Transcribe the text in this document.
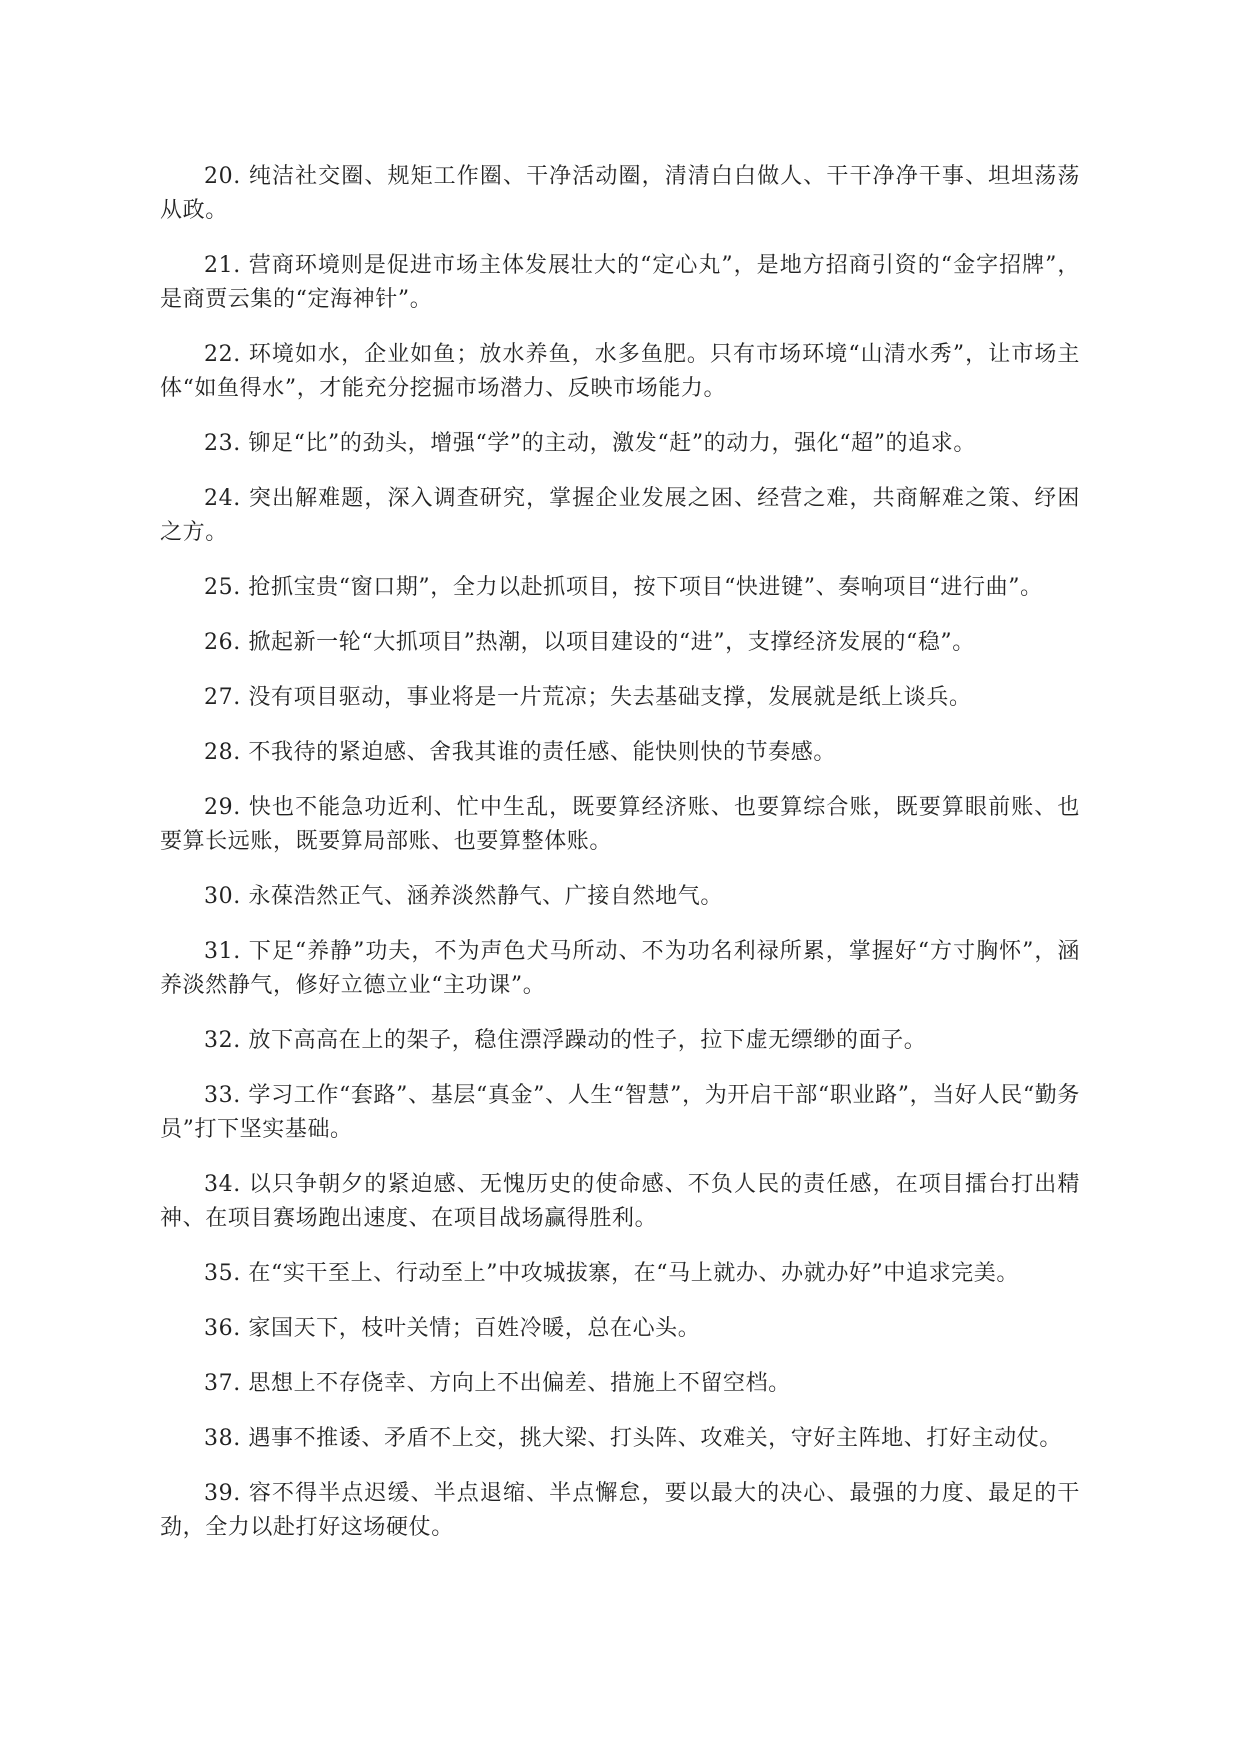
20. 纯洁社交圈、规矩工作圈、干净活动圈，清清白白做人、干干净净干事、坦坦荡荡从政。

21. 营商环境则是促进市场主体发展壮大的“定心丸”，是地方招商引资的“金字招牌”，是商贾云集的“定海神针”。

22. 环境如水，企业如鱼；放水养鱼，水多鱼肥。只有市场环境“山清水秀”，让市场主体“如鱼得水”，才能充分挖掘市场潜力、反映市场能力。

23. 铆足“比”的劲头，增强“学”的主动，激发“赶”的动力，强化“超”的追求。

24. 突出解难题，深入调查研究，掌握企业发展之困、经营之难，共商解难之策、纾困之方。

25. 抢抓宝贵“窗口期”，全力以赴抓项目，按下项目“快进键”、奏响项目“进行曲”。

26. 掀起新一轮“大抓项目”热潮，以项目建设的“进”，支撑经济发展的“稳”。

27. 没有项目驱动，事业将是一片荒凉；失去基础支撑，发展就是纸上谈兵。

28. 不我待的紧迫感、舍我其谁的责任感、能快则快的节奏感。

29. 快也不能急功近利、忙中生乱，既要算经济账、也要算综合账，既要算眼前账、也要算长远账，既要算局部账、也要算整体账。

30. 永葆浩然正气、涵养淡然静气、广接自然地气。

31. 下足“养静”功夫，不为声色犬马所动、不为功名利禄所累，掌握好“方寸胸怀”，涵养淡然静气，修好立德立业“主功课”。

32. 放下高高在上的架子，稳住漂浮躁动的性子，拉下虚无缥缈的面子。

33. 学习工作“套路”、基层“真金”、人生“智慧”，为开启干部“职业路”，当好人民“勤务员”打下坚实基础。

34. 以只争朝夕的紧迫感、无愧历史的使命感、不负人民的责任感，在项目擂台打出精神、在项目赛场跑出速度、在项目战场赢得胜利。

35. 在“实干至上、行动至上”中攻城拔寨，在“马上就办、办就办好”中追求完美。

36. 家国天下，枝叶关情；百姓冷暖，总在心头。

37. 思想上不存侥幸、方向上不出偏差、措施上不留空档。

38. 遇事不推诿、矛盾不上交，挑大梁、打头阵、攻难关，守好主阵地、打好主动仗。

39. 容不得半点迟缓、半点退缩、半点懈怠，要以最大的决心、最强的力度、最足的干劲，全力以赴打好这场硬仗。
